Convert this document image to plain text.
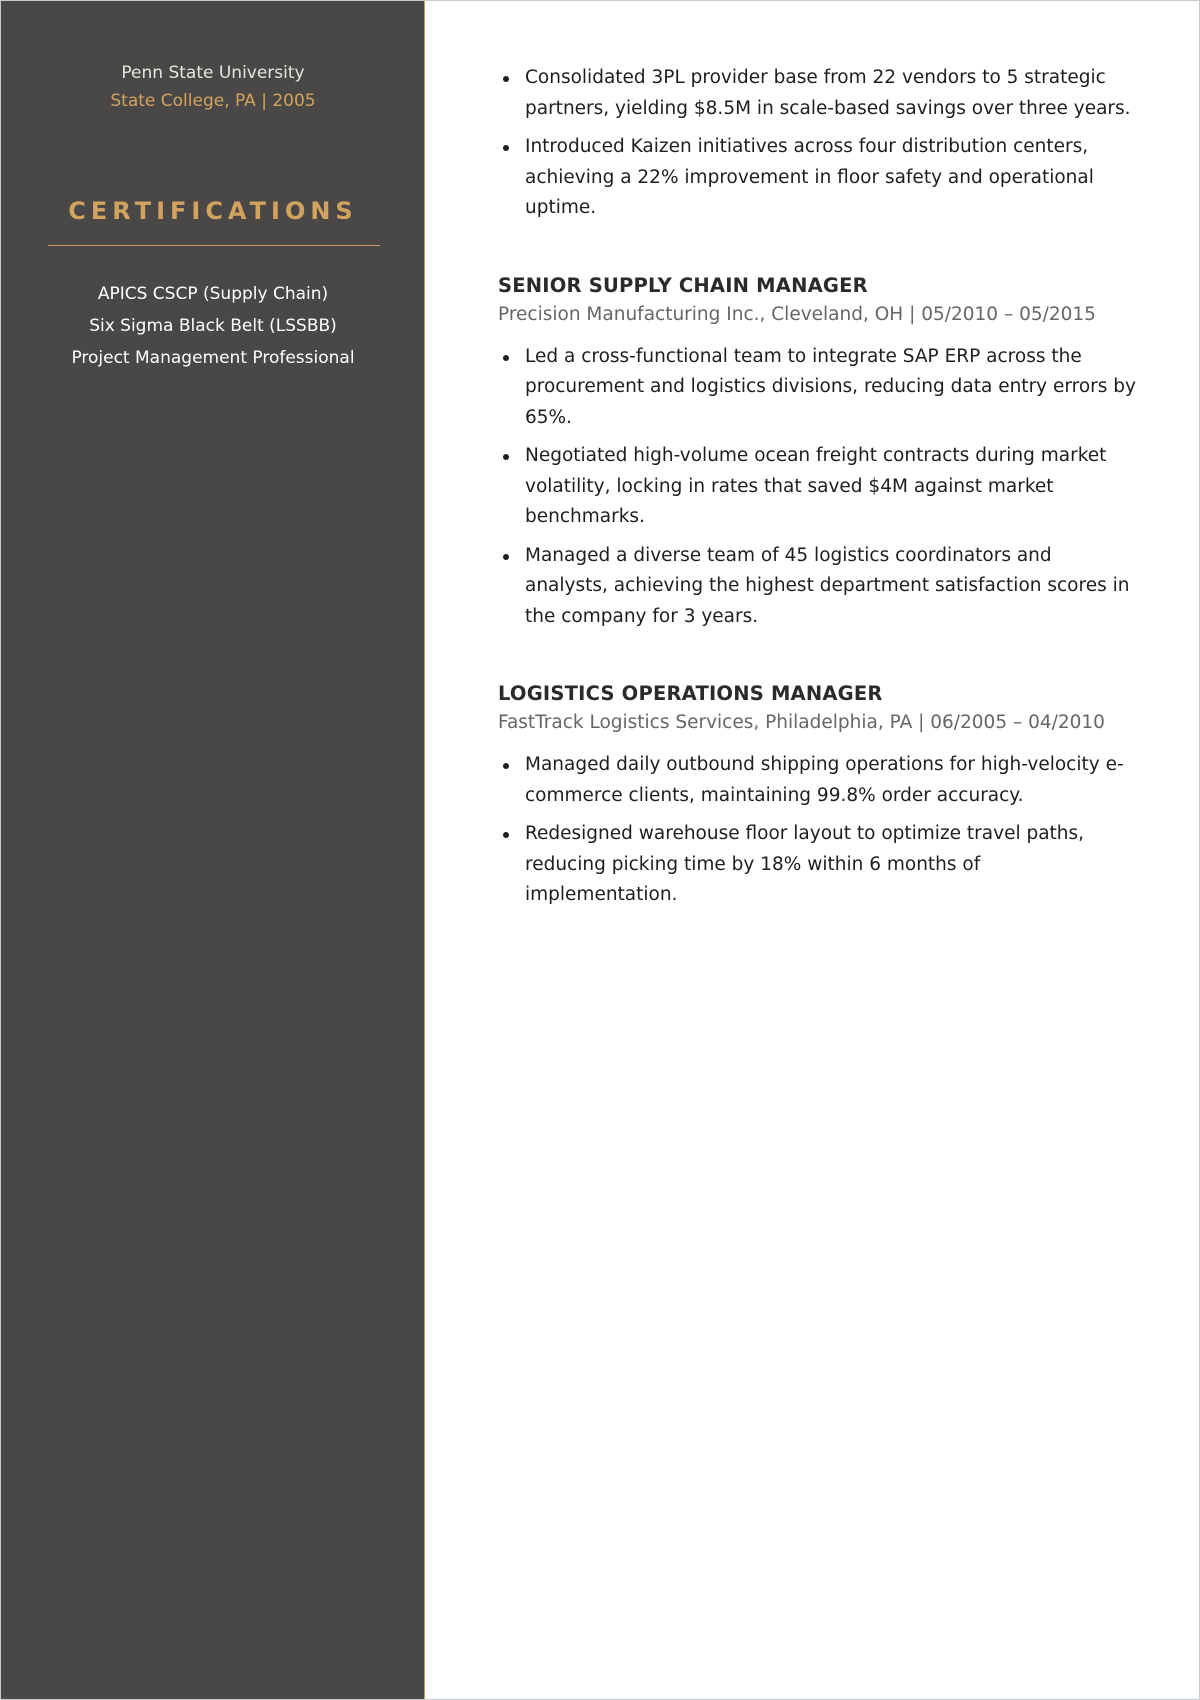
Penn State University
State College, PA | 2005
CERTIFICATIONS
APICS CSCP (Supply Chain)
Six Sigma Black Belt (LSSBB)
Project Management Professional
Consolidated 3PL provider base from 22 vendors to 5 strategic partners, yielding $8.5M in scale-based savings over three years.
Introduced Kaizen initiatives across four distribution centers, achieving a 22% improvement in floor safety and operational uptime.
SENIOR SUPPLY CHAIN MANAGER
Precision Manufacturing Inc., Cleveland, OH | 05/2010 – 05/2015
Led a cross-functional team to integrate SAP ERP across the procurement and logistics divisions, reducing data entry errors by 65%.
Negotiated high-volume ocean freight contracts during market volatility, locking in rates that saved $4M against market benchmarks.
Managed a diverse team of 45 logistics coordinators and analysts, achieving the highest department satisfaction scores in the company for 3 years.
LOGISTICS OPERATIONS MANAGER
FastTrack Logistics Services, Philadelphia, PA | 06/2005 – 04/2010
Managed daily outbound shipping operations for high-velocity e-commerce clients, maintaining 99.8% order accuracy.
Redesigned warehouse floor layout to optimize travel paths, reducing picking time by 18% within 6 months of implementation.
